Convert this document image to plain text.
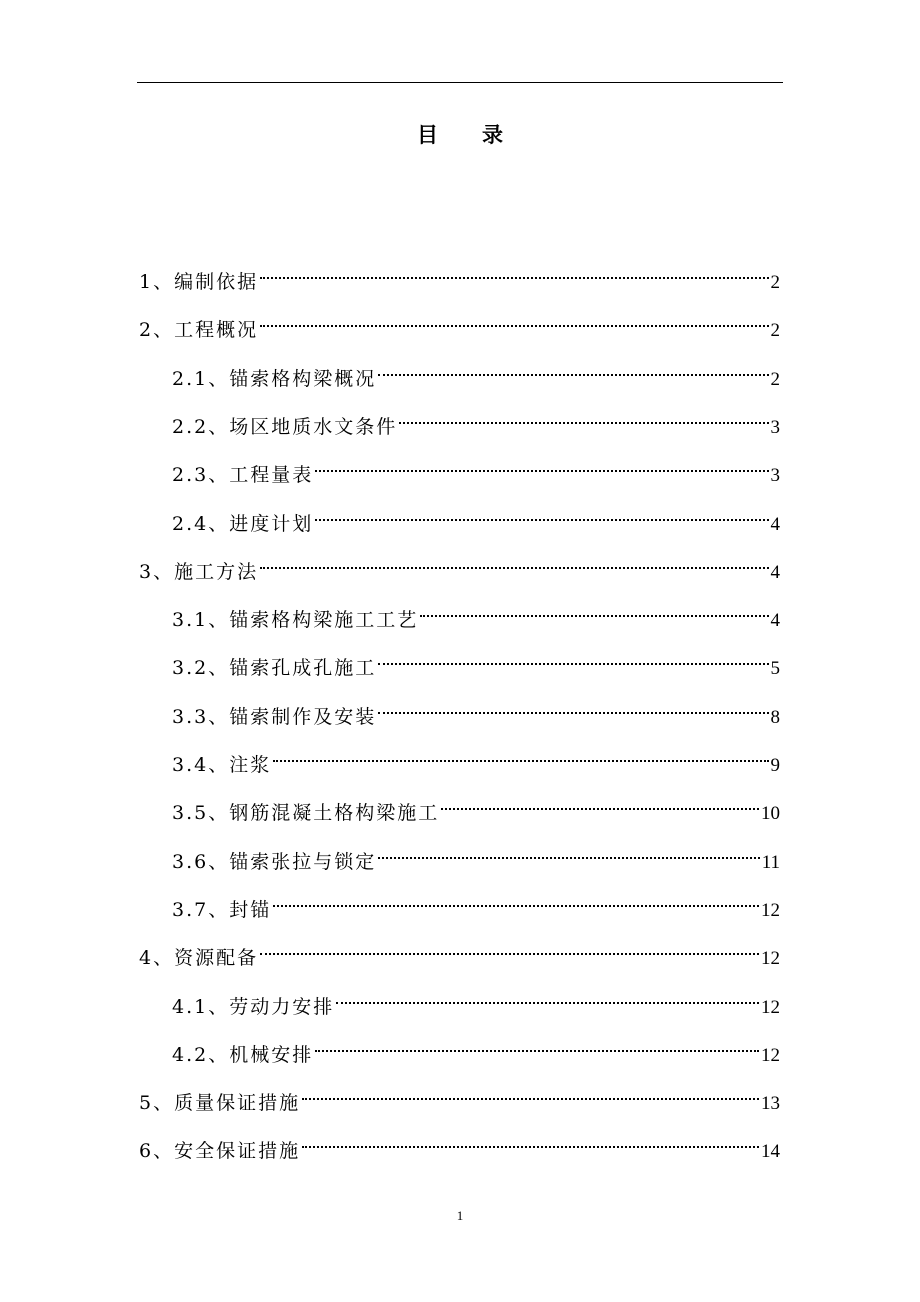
目录
1、编制依据	2
2、工程概况	2
2.1、锚索格构梁概况	2
2.2、场区地质水文条件	3
2.3、工程量表	3
2.4、进度计划	4
3、施工方法	4
3.1、锚索格构梁施工工艺	4
3.2、锚索孔成孔施工	5
3.3、锚索制作及安装	8
3.4、注浆	9
3.5、钢筋混凝土格构梁施工	10
3.6、锚索张拉与锁定	11
3.7、封锚	12
4、资源配备	12
4.1、劳动力安排	12
4.2、机械安排	12
5、质量保证措施	13
6、安全保证措施	14
1
